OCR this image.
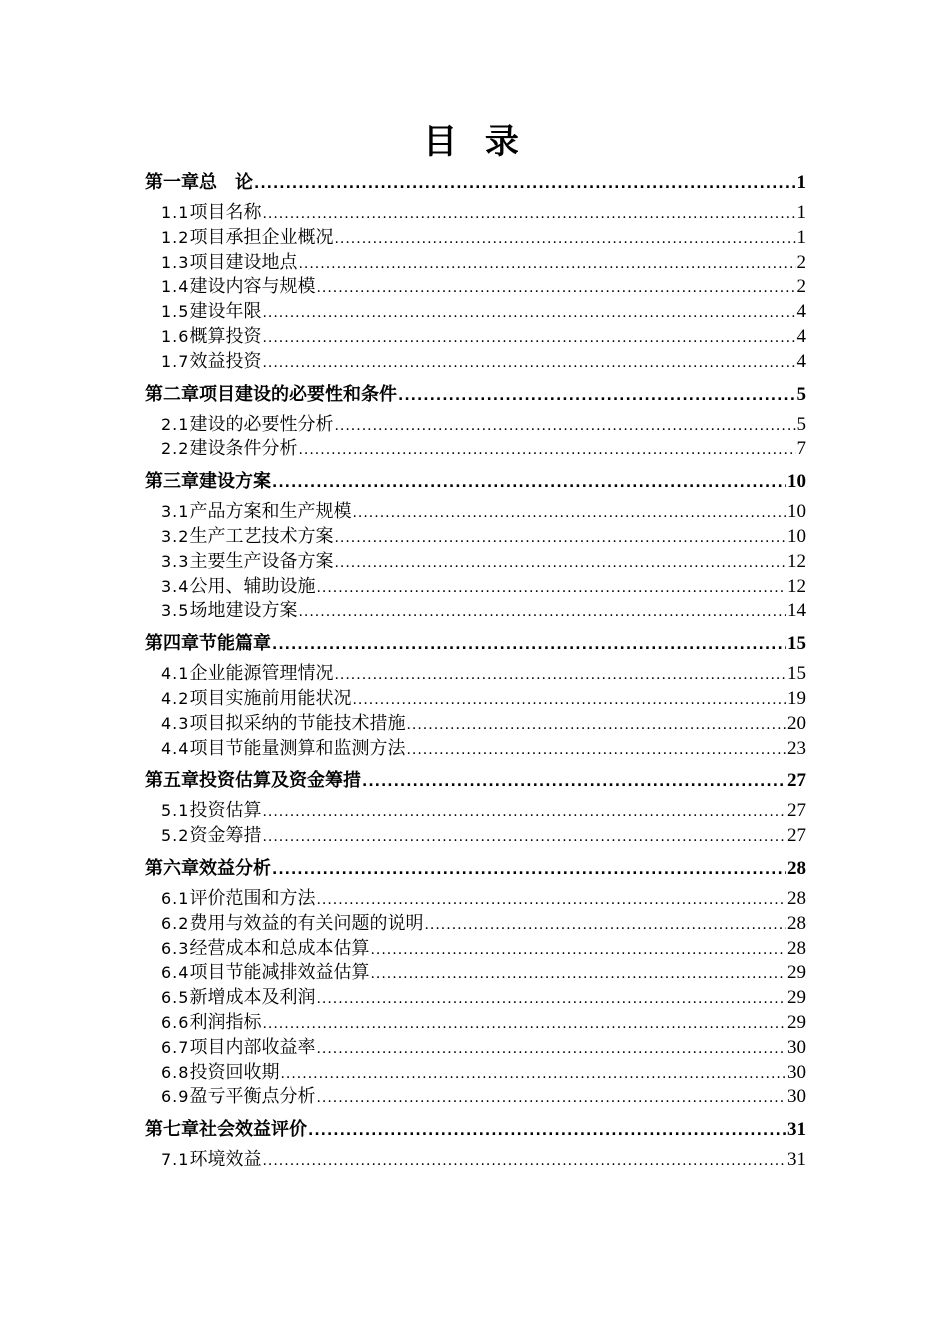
目 录
第一章 总　论 .....	1
1.1 项目名称 .....	1
1.2 项目承担企业概况 .....	1
1.3 项目建设地点 .....	2
1.4 建设内容与规模 .....	2
1.5 建设年限 .....	4
1.6 概算投资 .....	4
1.7 效益投资 .....	4
第二章 项目建设的必要性和条件 .....	5
2.1 建设的必要性分析 .....	5
2.2 建设条件分析 .....	7
第三章 建设方案 .....	10
3.1 产品方案和生产规模 .....	10
3.2 生产工艺技术方案 .....	10
3.3 主要生产设备方案 .....	12
3.4 公用、辅助设施 .....	12
3.5 场地建设方案 .....	14
第四章 节能篇章 .....	15
4.1 企业能源管理情况 .....	15
4.2 项目实施前用能状况 .....	19
4.3 项目拟采纳的节能技术措施 .....	20
4.4 项目节能量测算和监测方法 .....	23
第五章 投资估算及资金筹措 .....	27
5.1 投资估算 .....	27
5.2 资金筹措 .....	27
第六章 效益分析 .....	28
6.1 评价范围和方法 .....	28
6.2 费用与效益的有关问题的说明 .....	28
6.3 经营成本和总成本估算 .....	28
6.4 项目节能减排效益估算 .....	29
6.5 新增成本及利润 .....	29
6.6 利润指标 .....	29
6.7 项目内部收益率 .....	30
6.8 投资回收期 .....	30
6.9 盈亏平衡点分析 .....	30
第七章 社会效益评价 .....	31
7.1 环境效益 .....	31
